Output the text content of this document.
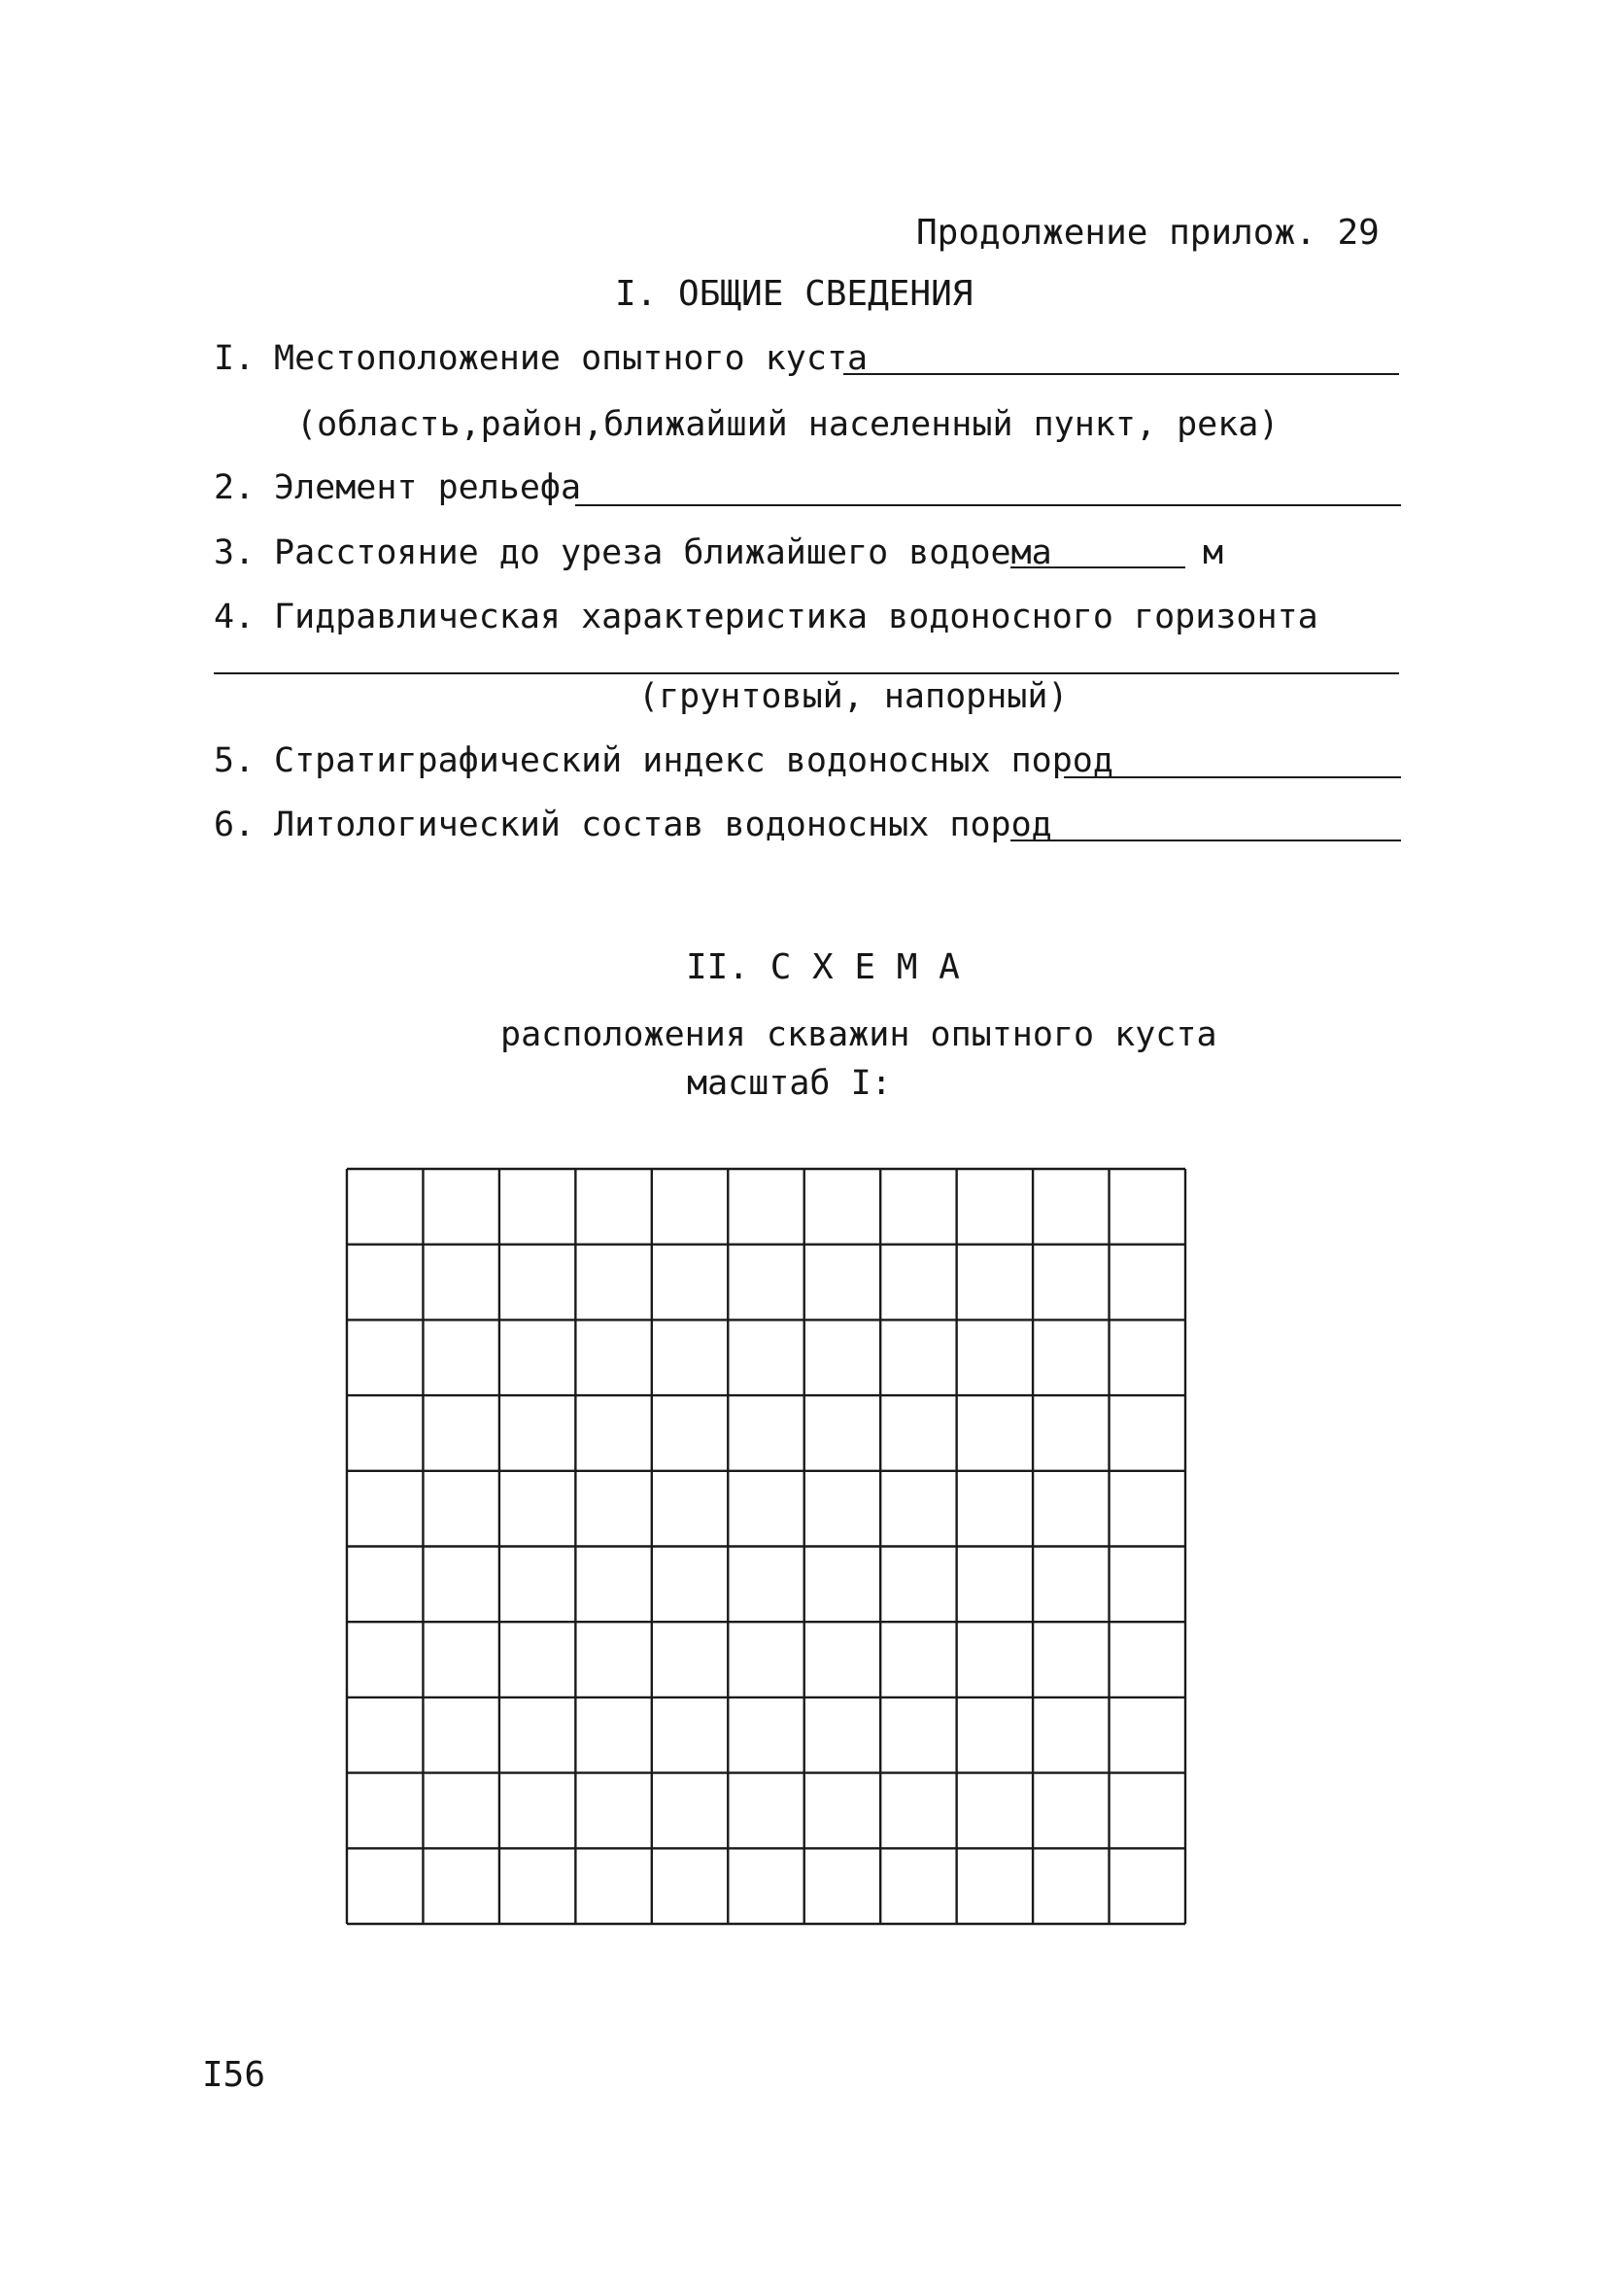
Продолжение прилож. 29
I. ОБЩИЕ СВЕДЕНИЯ
I. Местоположение опытного куста
(область,район,ближайший населенный пункт, река)
2. Элемент рельефа
3. Расстояние до уреза ближайшего водоема	м
4. Гидравлическая характеристика водоносного горизонта
(грунтовый, напорный)
5. Стратиграфический индекс водоносных пород
6. Литологический состав водоносных пород
II. С Х Е М А
расположения скважин опытного куста
масштаб I:
I56
